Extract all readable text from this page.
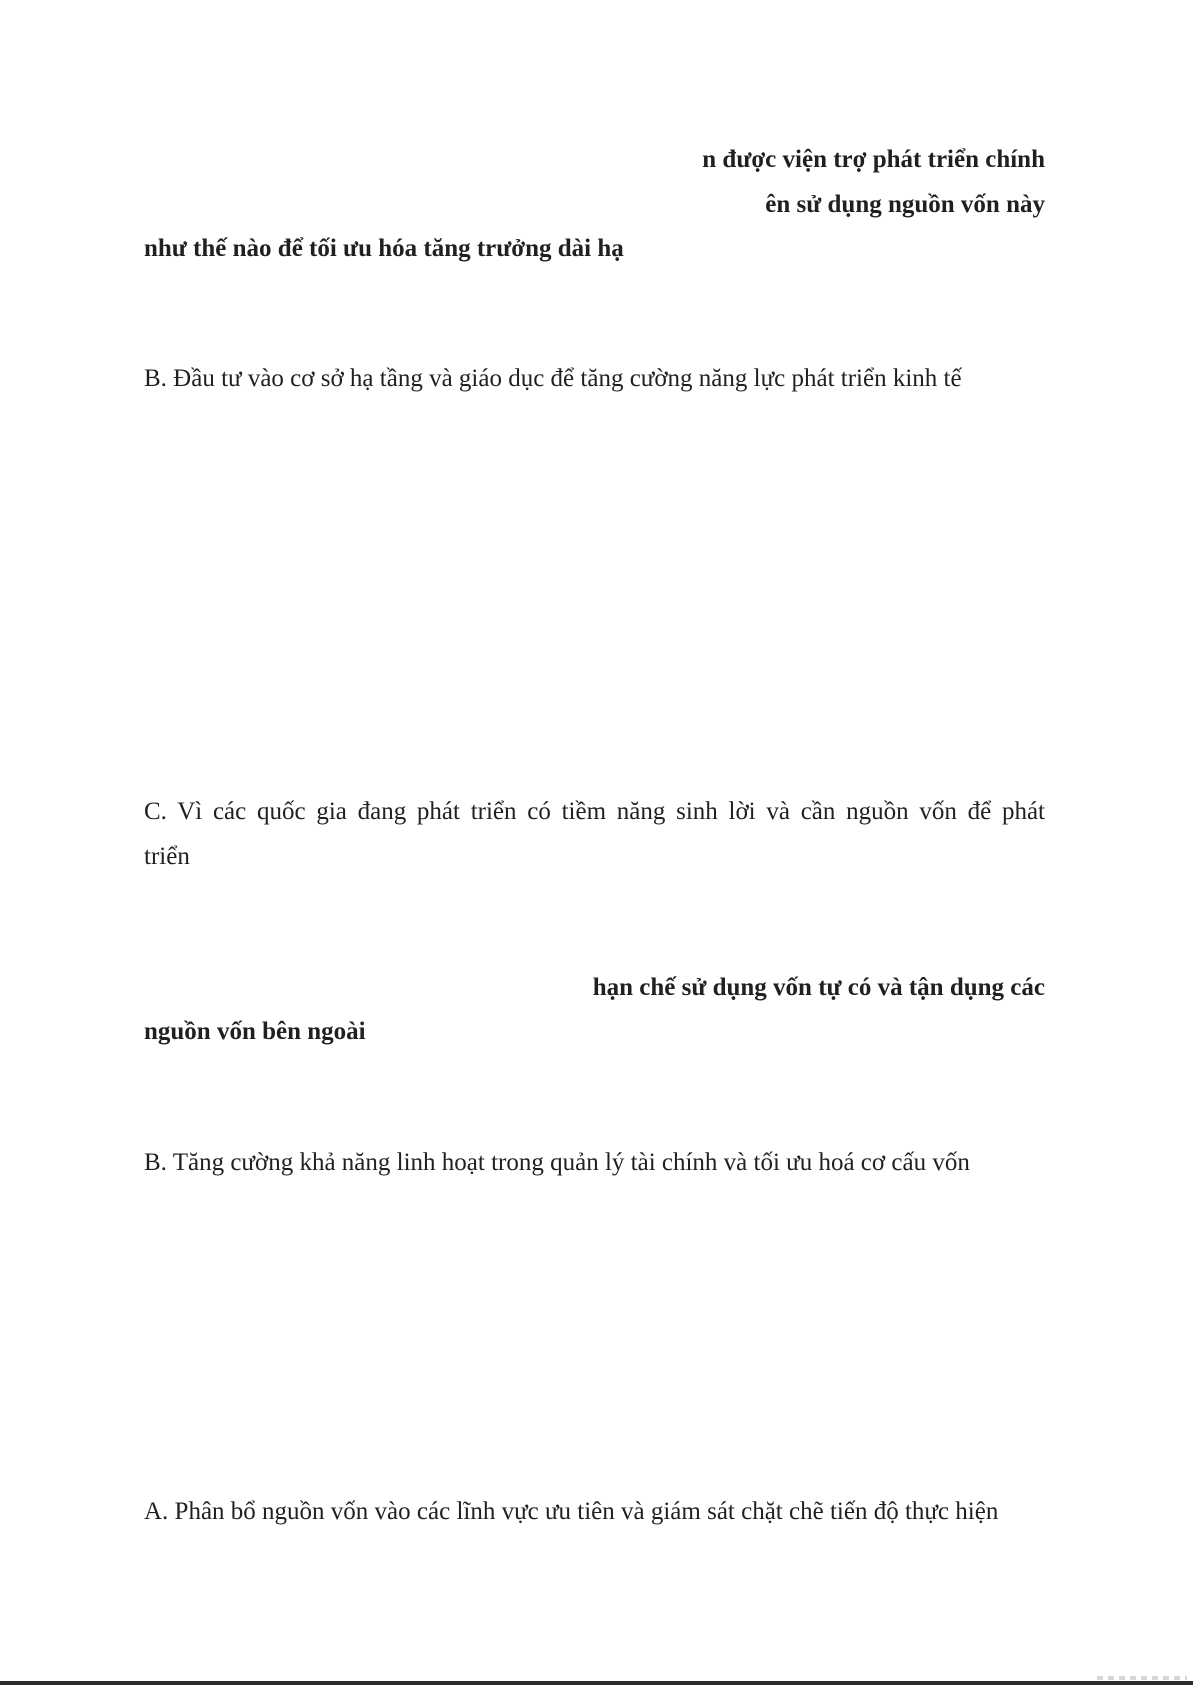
n được viện trợ phát triển chính
ên sử dụng nguồn vốn này
như thế nào để tối ưu hóa tăng trưởng dài hạ
B. Đầu tư vào cơ sở hạ tầng và giáo dục để tăng cường năng lực phát triển kinh tế
C. Vì các quốc gia đang phát triển có tiềm năng sinh lời và cần nguồn vốn để phát
triển
hạn chế sử dụng vốn tự có và tận dụng các
nguồn vốn bên ngoài
B. Tăng cường khả năng linh hoạt trong quản lý tài chính và tối ưu hoá cơ cấu vốn
A. Phân bổ nguồn vốn vào các lĩnh vực ưu tiên và giám sát chặt chẽ tiến độ thực hiện
